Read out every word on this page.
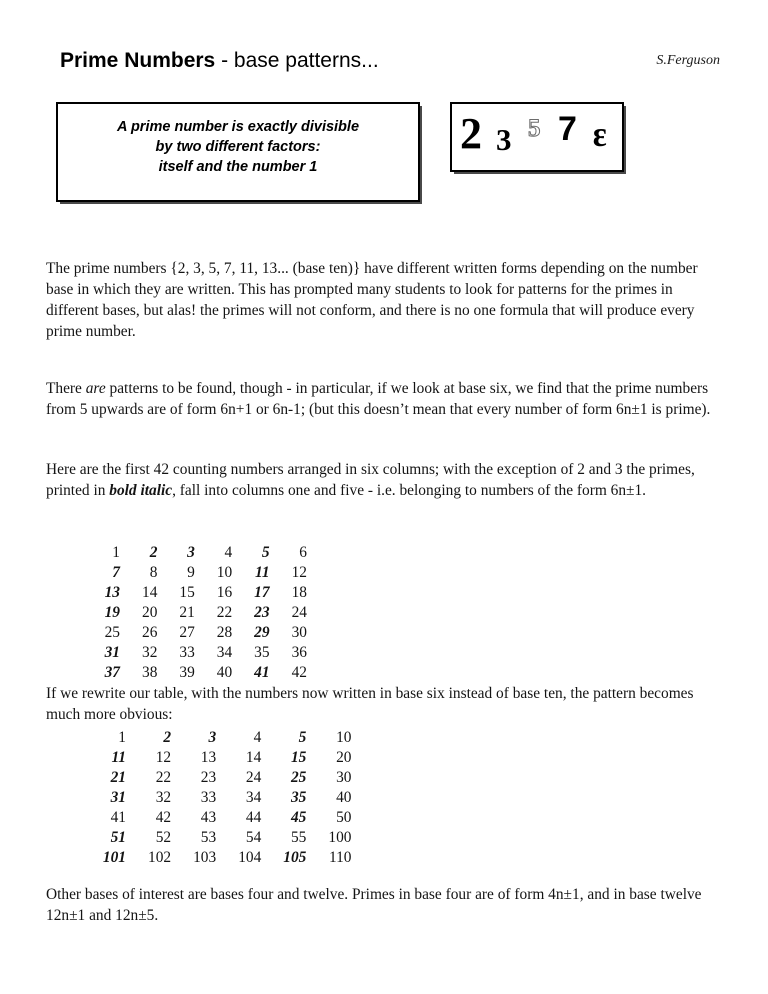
Prime Numbers - base patterns...	S.Ferguson
A prime number is exactly divisible
by two different factors:
itself and the number 1
2 3 5 7 ɛ
The prime numbers {2, 3, 5, 7, 11, 13... (base ten)} have different written forms depending on the number base in which they are written. This has prompted many students to look for patterns for the primes in different bases, but alas! the primes will not conform, and there is no one formula that will produce every prime number.
There are patterns to be found, though - in particular, if we look at base six, we find that the prime numbers from 5 upwards are of form 6n+1 or 6n-1; (but this doesn’t mean that every number of form 6n±1 is prime).
Here are the first 42 counting numbers arranged in six columns; with the exception of 2 and 3 the primes, printed in bold italic, fall into columns one and five - i.e. belonging to numbers of the form 6n±1.
1	2	3	4	5	6
7	8	9	10	11	12
13	14	15	16	17	18
19	20	21	22	23	24
25	26	27	28	29	30
31	32	33	34	35	36
37	38	39	40	41	42
If we rewrite our table, with the numbers now written in base six instead of base ten, the pattern becomes much more obvious:
1	2	3	4	5	10
11	12	13	14	15	20
21	22	23	24	25	30
31	32	33	34	35	40
41	42	43	44	45	50
51	52	53	54	55	100
101	102	103	104	105	110
Other bases of interest are bases four and twelve. Primes in base four are of form 4n±1, and in base twelve 12n±1 and 12n±5.
